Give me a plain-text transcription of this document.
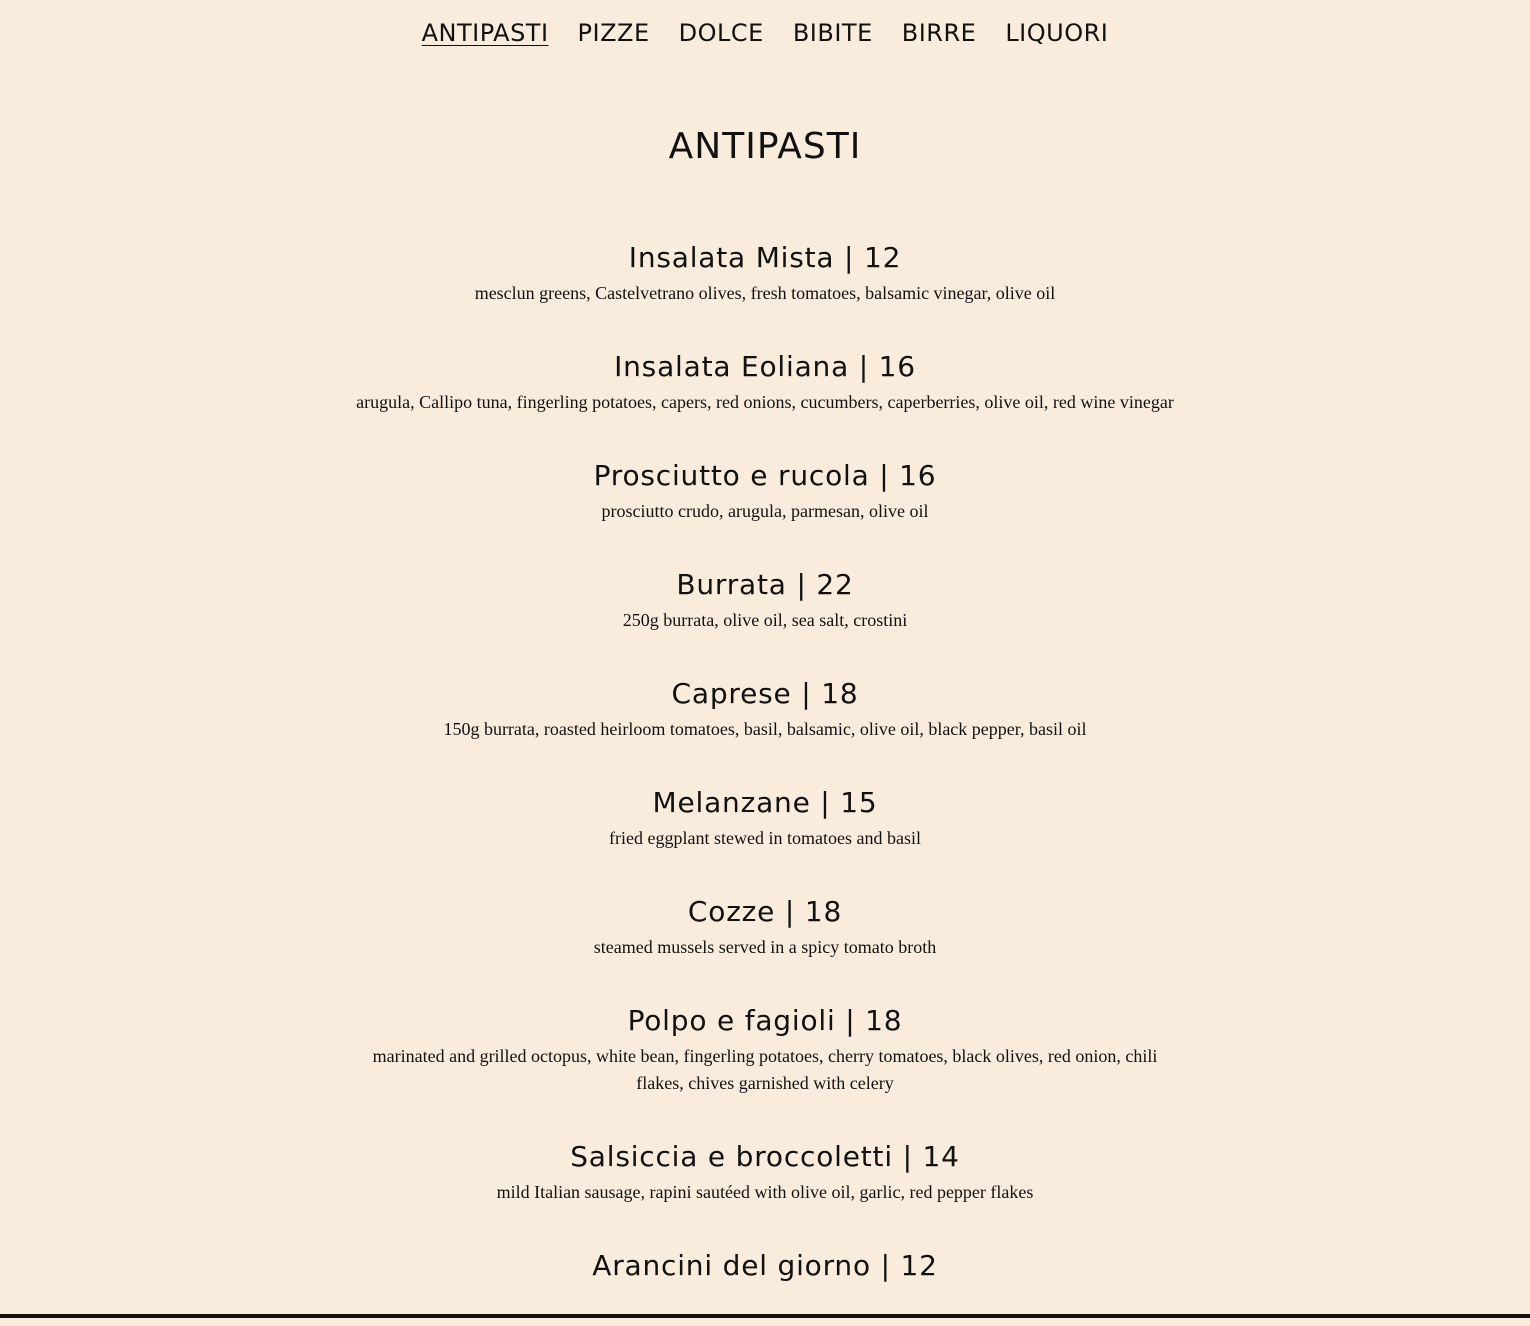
ANTIPASTI PIZZE DOLCE BIBITE BIRRE LIQUORI
ANTIPASTI
Insalata Mista | 12

mesclun greens, Castelvetrano olives, fresh tomatoes, balsamic vinegar, olive oil

Insalata Eoliana | 16

arugula, Callipo tuna, fingerling potatoes, capers, red onions, cucumbers, caperberries, olive oil, red wine vinegar

Prosciutto e rucola | 16

prosciutto crudo, arugula, parmesan, olive oil

Burrata | 22

250g burrata, olive oil, sea salt, crostini

Caprese | 18

150g burrata, roasted heirloom tomatoes, basil, balsamic, olive oil, black pepper, basil oil

Melanzane | 15

fried eggplant stewed in tomatoes and basil

Cozze | 18

steamed mussels served in a spicy tomato broth

Polpo e fagioli | 18

marinated and grilled octopus, white bean, fingerling potatoes, cherry tomatoes, black olives, red onion, chili flakes, chives garnished with celery

Salsiccia e broccoletti | 14

mild Italian sausage, rapini sautéed with olive oil, garlic, red pepper flakes

Arancini del giorno | 12
